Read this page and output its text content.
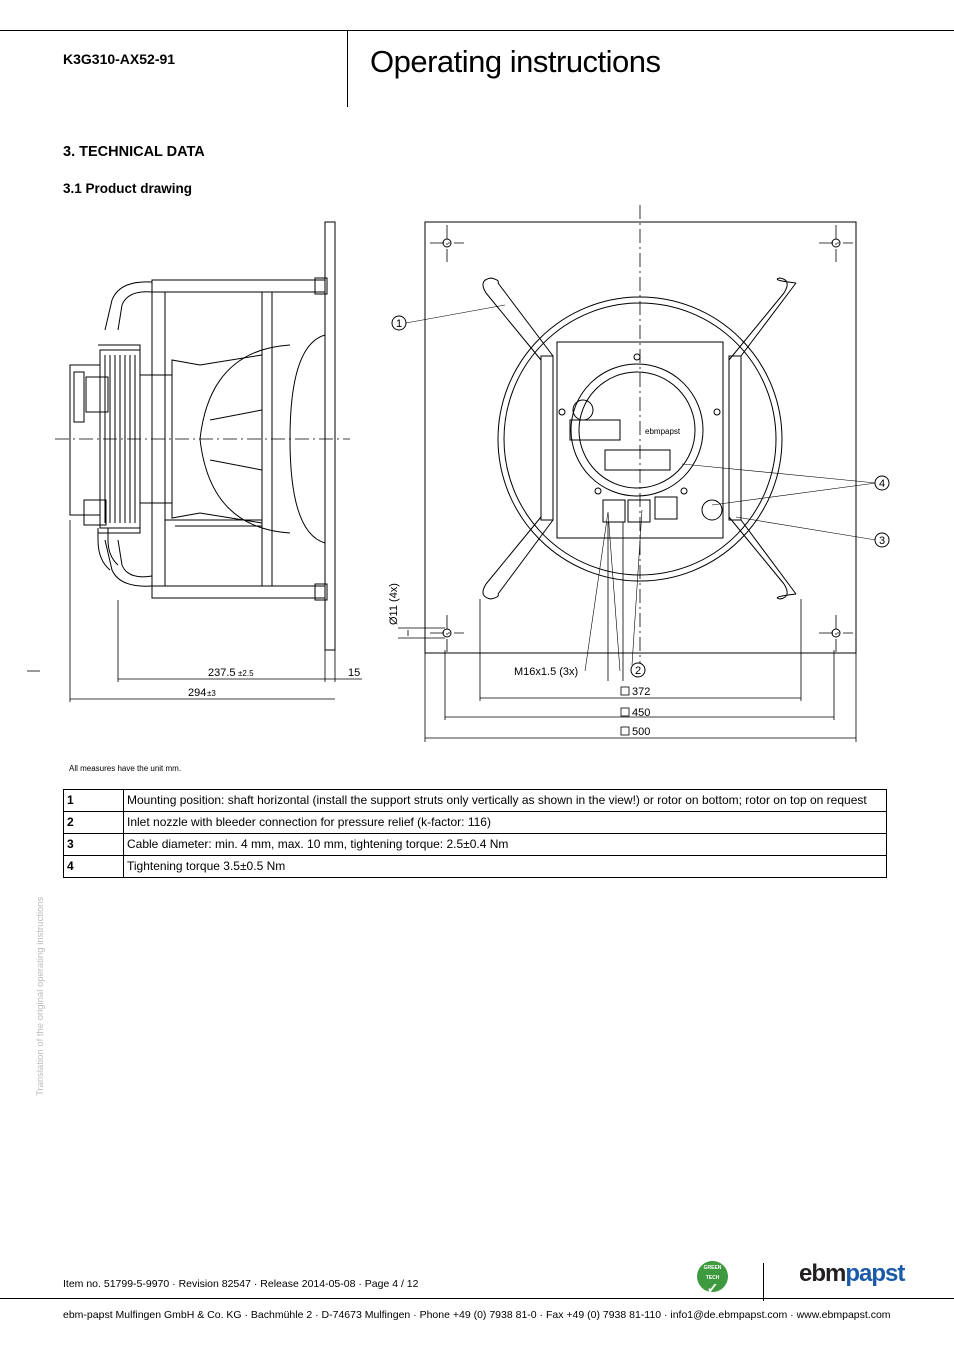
K3G310-AX52-91	Operating instructions
3. TECHNICAL DATA
3.1 Product drawing
1
2
3
4
237.5 ±2.5	15
294 ±3
Ø11 (4x)
M16x1.5 (3x)
372
450
500
ebmpapst
All measures have the unit mm.
1	Mounting position: shaft horizontal (install the support struts only vertically as shown in the view!) or rotor on bottom; rotor on top on request
2	Inlet nozzle with bleeder connection for pressure relief (k-factor: 116)
3	Cable diameter: min. 4 mm, max. 10 mm, tightening torque: 2.5±0.4 Nm
4	Tightening torque 3.5±0.5 Nm
Translation of the original operating instructions
Item no. 51799-5-9970 · Revision 82547 · Release 2014-05-08 · Page 4 / 12
GREEN
TECH
✓
ebmpapst
ebm-papst Mulfingen GmbH & Co. KG · Bachmühle 2 · D-74673 Mulfingen · Phone +49 (0) 7938 81-0 · Fax +49 (0) 7938 81-110 · info1@de.ebmpapst.com · www.ebmpapst.com
